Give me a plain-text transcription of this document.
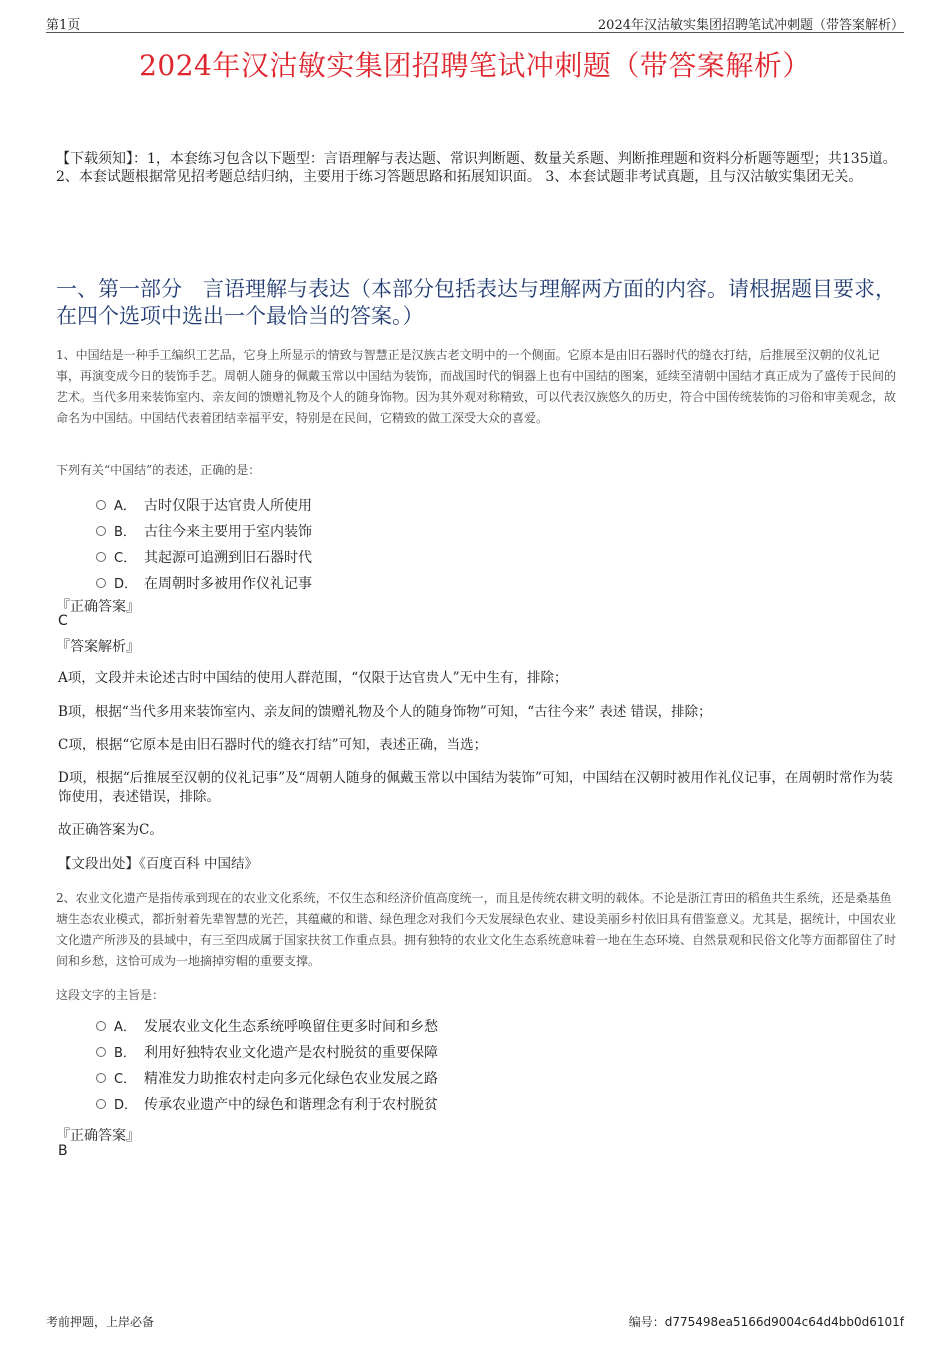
第1页	2024年汉沽敏实集团招聘笔试冲刺题（带答案解析）
2024年汉沽敏实集团招聘笔试冲刺题（带答案解析）
【下载须知】：1，本套练习包含以下题型：言语理解与表达题、常识判断题、数量关系题、判断推理题和资料分析题等题型；共135道。 2、本套试题根据常见招考题总结归纳，主要用于练习答题思路和拓展知识面。 3、本套试题非考试真题，且与汉沽敏实集团无关。
一、第一部分　言语理解与表达（本部分包括表达与理解两方面的内容。请根据题目要求，在四个选项中选出一个最恰当的答案。）
1、中国结是一种手工编织工艺品，它身上所显示的情致与智慧正是汉族古老文明中的一个侧面。它原本是由旧石器时代的缝衣打结，后推展至汉朝的仪礼记事，再演变成今日的装饰手艺。周朝人随身的佩戴玉常以中国结为装饰，而战国时代的铜器上也有中国结的图案，延续至清朝中国结才真正成为了盛传于民间的艺术。当代多用来装饰室内、亲友间的馈赠礼物及个人的随身饰物。因为其外观对称精致，可以代表汉族悠久的历史，符合中国传统装饰的习俗和审美观念，故命名为中国结。中国结代表着团结幸福平安，特别是在民间，它精致的做工深受大众的喜爱。
下列有关“中国结”的表述，正确的是：
A． 古时仅限于达官贵人所使用
B． 古往今来主要用于室内装饰
C． 其起源可追溯到旧石器时代
D． 在周朝时多被用作仪礼记事
『正确答案』
C
『答案解析』
A项，文段并未论述古时中国结的使用人群范围，“仅限于达官贵人”无中生有，排除；
B项，根据“当代多用来装饰室内、亲友间的馈赠礼物及个人的随身饰物”可知，“古往今来” 表述 错误，排除；
C项，根据“它原本是由旧石器时代的缝衣打结”可知，表述正确，当选；
D项，根据“后推展至汉朝的仪礼记事”及“周朝人随身的佩戴玉常以中国结为装饰”可知，中国结在汉朝时被用作礼仪记事，在周朝时常作为装饰使用，表述错误，排除。
故正确答案为C。
【文段出处】《百度百科 中国结》
2、农业文化遗产是指传承到现在的农业文化系统，不仅生态和经济价值高度统一，而且是传统农耕文明的载体。不论是浙江青田的稻鱼共生系统，还是桑基鱼塘生态农业模式，都折射着先辈智慧的光芒，其蕴藏的和谐、绿色理念对我们今天发展绿色农业、建设美丽乡村依旧具有借鉴意义。尤其是，据统计，中国农业文化遗产所涉及的县域中，有三至四成属于国家扶贫工作重点县。拥有独特的农业文化生态系统意味着一地在生态环境、自然景观和民俗文化等方面都留住了时间和乡愁，这恰可成为一地摘掉穷帽的重要支撑。
这段文字的主旨是：
A． 发展农业文化生态系统呼唤留住更多时间和乡愁
B． 利用好独特农业文化遗产是农村脱贫的重要保障
C． 精准发力助推农村走向多元化绿色农业发展之路
D． 传承农业遗产中的绿色和谐理念有利于农村脱贫
『正确答案』
B
考前押题，上岸必备	编号：d775498ea5166d9004c64d4bb0d6101f
